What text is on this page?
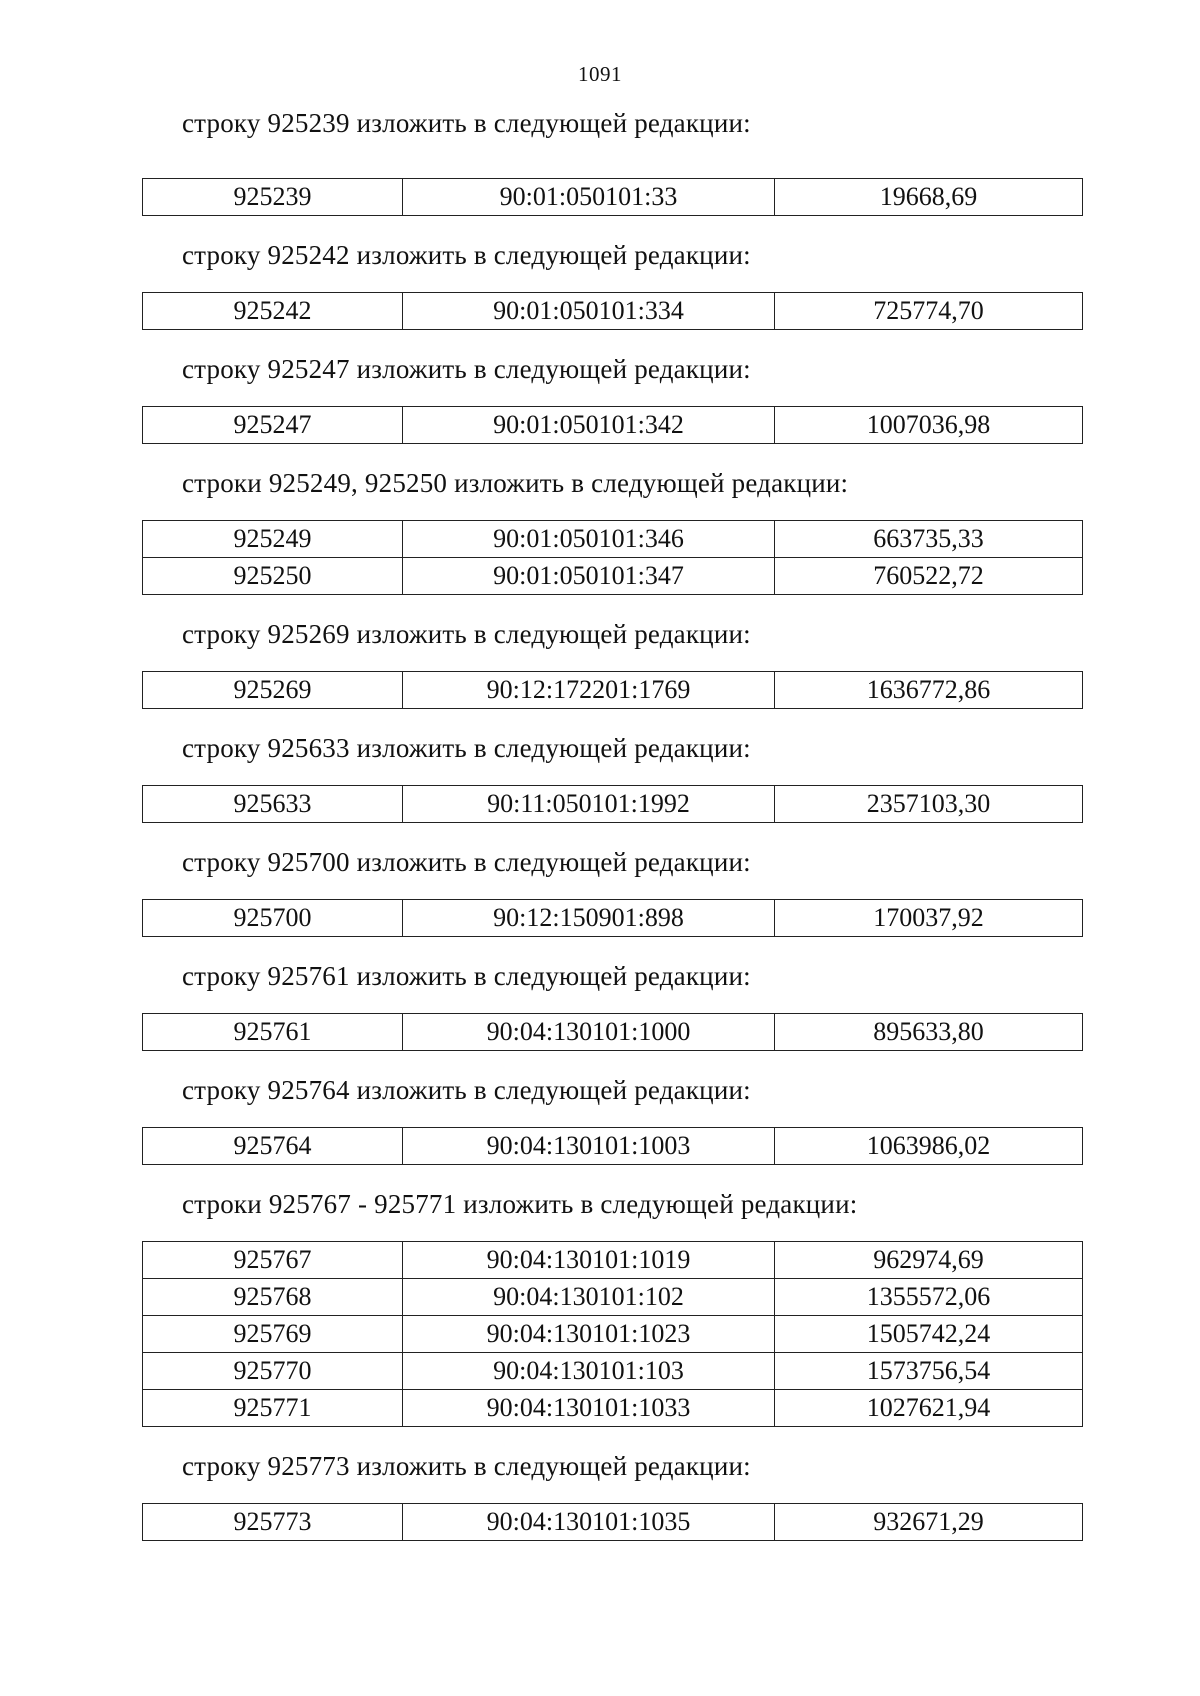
1091

строку 925239 изложить в следующей редакции:

925239	90:01:050101:33	19668,69

строку 925242 изложить в следующей редакции:

925242	90:01:050101:334	725774,70

строку 925247 изложить в следующей редакции:

925247	90:01:050101:342	1007036,98

строки 925249, 925250 изложить в следующей редакции:

925249	90:01:050101:346	663735,33
925250	90:01:050101:347	760522,72

строку 925269 изложить в следующей редакции:

925269	90:12:172201:1769	1636772,86

строку 925633 изложить в следующей редакции:

925633	90:11:050101:1992	2357103,30

строку 925700 изложить в следующей редакции:

925700	90:12:150901:898	170037,92

строку 925761 изложить в следующей редакции:

925761	90:04:130101:1000	895633,80

строку 925764 изложить в следующей редакции:

925764	90:04:130101:1003	1063986,02

строки 925767 - 925771 изложить в следующей редакции:

925767	90:04:130101:1019	962974,69
925768	90:04:130101:102	1355572,06
925769	90:04:130101:1023	1505742,24
925770	90:04:130101:103	1573756,54
925771	90:04:130101:1033	1027621,94

строку 925773 изложить в следующей редакции:

925773	90:04:130101:1035	932671,29
